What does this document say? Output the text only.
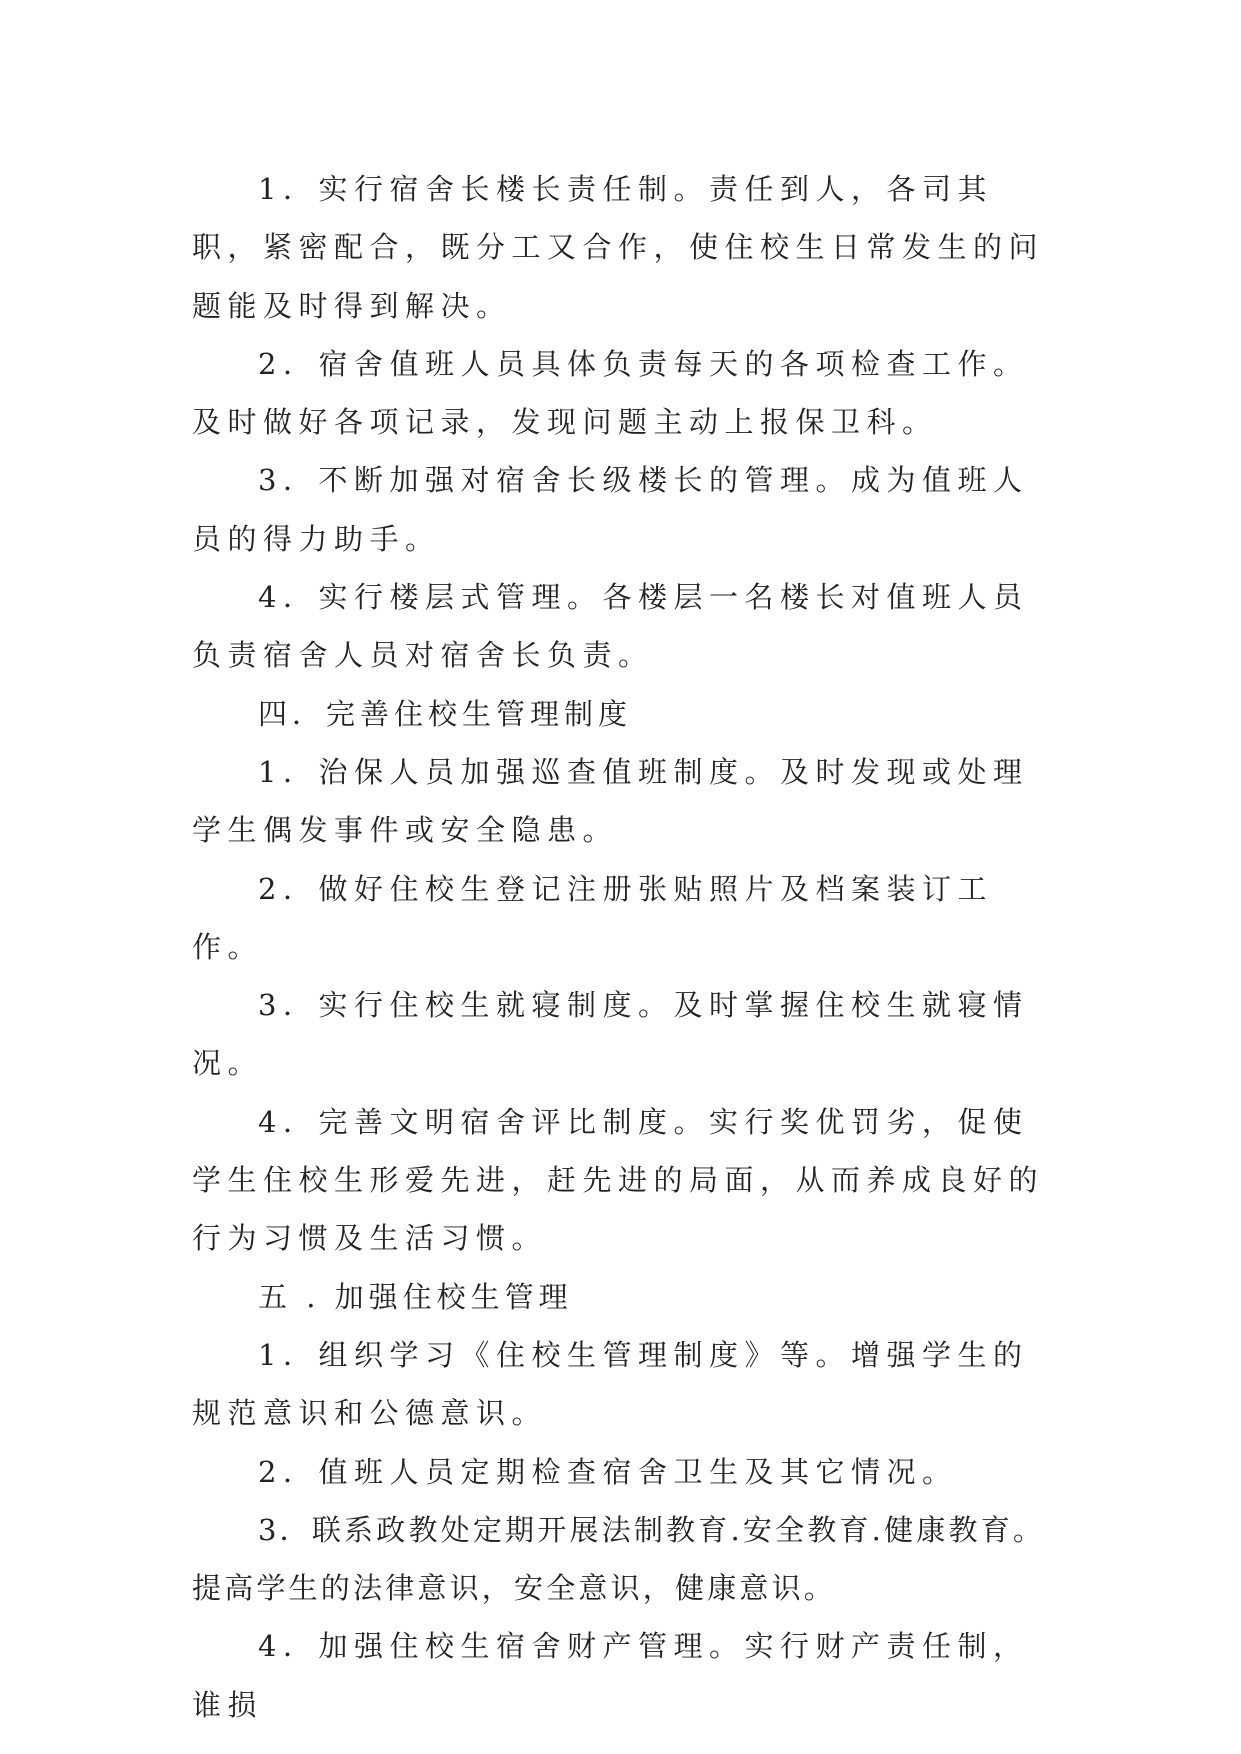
1．实行宿舍长楼长责任制。责任到人，各司其职，紧密配合，既分工又合作，使住校生日常发生的问题能及时得到解决。

2．宿舍值班人员具体负责每天的各项检查工作。及时做好各项记录，发现问题主动上报保卫科。

3．不断加强对宿舍长级楼长的管理。成为值班人员的得力助手。

4．实行楼层式管理。各楼层一名楼长对值班人员负责宿舍人员对宿舍长负责。

四．完善住校生管理制度

1．治保人员加强巡查值班制度。及时发现或处理学生偶发事件或安全隐患。

2．做好住校生登记注册张贴照片及档案装订工作。

3．实行住校生就寝制度。及时掌握住校生就寝情况。

4．完善文明宿舍评比制度。实行奖优罚劣，促使学生住校生形爱先进，赶先进的局面，从而养成良好的行为习惯及生活习惯。

五 . 加强住校生管理

1．组织学习《住校生管理制度》等。增强学生的规范意识和公德意识。

2．值班人员定期检查宿舍卫生及其它情况。

3．联系政教处定期开展法制教育.安全教育.健康教育。提高学生的法律意识，安全意识，健康意识。

4．加强住校生宿舍财产管理。实行财产责任制，谁损
